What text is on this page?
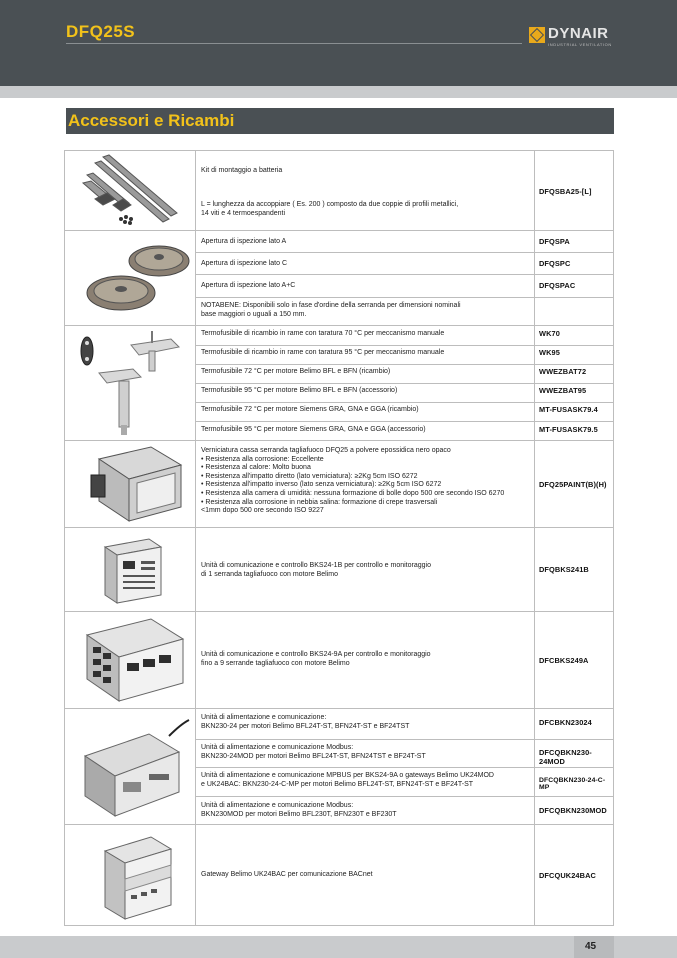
DFQ25S	DYNAIR
INDUSTRIAL VENTILATION
Accessori e Ricambi
Kit di montaggio a batteria
L = lunghezza da accoppiare ( Es. 200 ) composto da due coppie di profili metallici,
14 viti e 4 termoespandenti
DFQSBA25-[L]
Apertura di ispezione lato A	DFQSPA
Apertura di ispezione lato C	DFQSPC
Apertura di ispezione lato A+C	DFQSPAC
NOTABENE: Disponibili solo in fase d'ordine della serranda per dimensioni nominali
base maggiori o uguali a 150 mm.
Termofusibile di ricambio in rame con taratura 70 °C per meccanismo manuale	WK70
Termofusibile di ricambio in rame con taratura 95 °C per meccanismo manuale	WK95
Termofusibile 72 °C per motore Belimo BFL e BFN (ricambio)	WWEZBAT72
Termofusibile 95 °C per motore Belimo BFL e BFN (accessorio)	WWEZBAT95
Termofusibile 72 °C per motore Siemens GRA, GNA e GGA (ricambio)	MT-FUSASK79.4
Termofusibile 95 °C per motore Siemens GRA, GNA e GGA (accessorio)	MT-FUSASK79.5
Verniciatura cassa serranda tagliafuoco DFQ25 a polvere epossidica nero opaco
• Resistenza alla corrosione: Eccellente
• Resistenza al calore: Molto buona
• Resistenza all'impatto diretto (lato verniciatura): ≥2Kg 5cm ISO 6272
• Resistenza all'impatto inverso (lato senza verniciatura): ≥2Kg 5cm ISO 6272
• Resistenza alla camera di umidità: nessuna formazione di bolle dopo 500 ore secondo ISO 6270
• Resistenza alla corrosione in nebbia salina: formazione di crepe trasversali
<1mm dopo 500 ore secondo ISO 9227
DFQ25PAINT(B)(H)
Unità di comunicazione e controllo BKS24-1B per controllo e monitoraggio
di 1 serranda tagliafuoco con motore Belimo
DFQBKS241B
Unità di comunicazione e controllo BKS24-9A per controllo e monitoraggio
fino a 9 serrande tagliafuoco con motore Belimo	DFCBKS249A
Unità di alimentazione e comunicazione:
BKN230-24 per motori Belimo BFL24T-ST, BFN24T-ST e BF24TST	DFCBKN23024
Unità di alimentazione e comunicazione Modbus:
BKN230-24MOD per motori Belimo BFL24T-ST, BFN24TST e BF24T-ST	DFCQBKN230-24MOD
Unità di alimentazione e comunicazione MPBUS per BKS24-9A o gateways Belimo UK24MOD
e UK24BAC: BKN230-24-C-MP per motori Belimo BFL24T-ST, BFN24T-ST e BF24T-ST
DFCQBKN230-24-C-MP
Unità di alimentazione e comunicazione Modbus:
BKN230MOD per motori Belimo BFL230T, BFN230T e BF230T	DFCQBKN230MOD
Gateway Belimo UK24BAC per comunicazione BACnet	DFCQUK24BAC
45
